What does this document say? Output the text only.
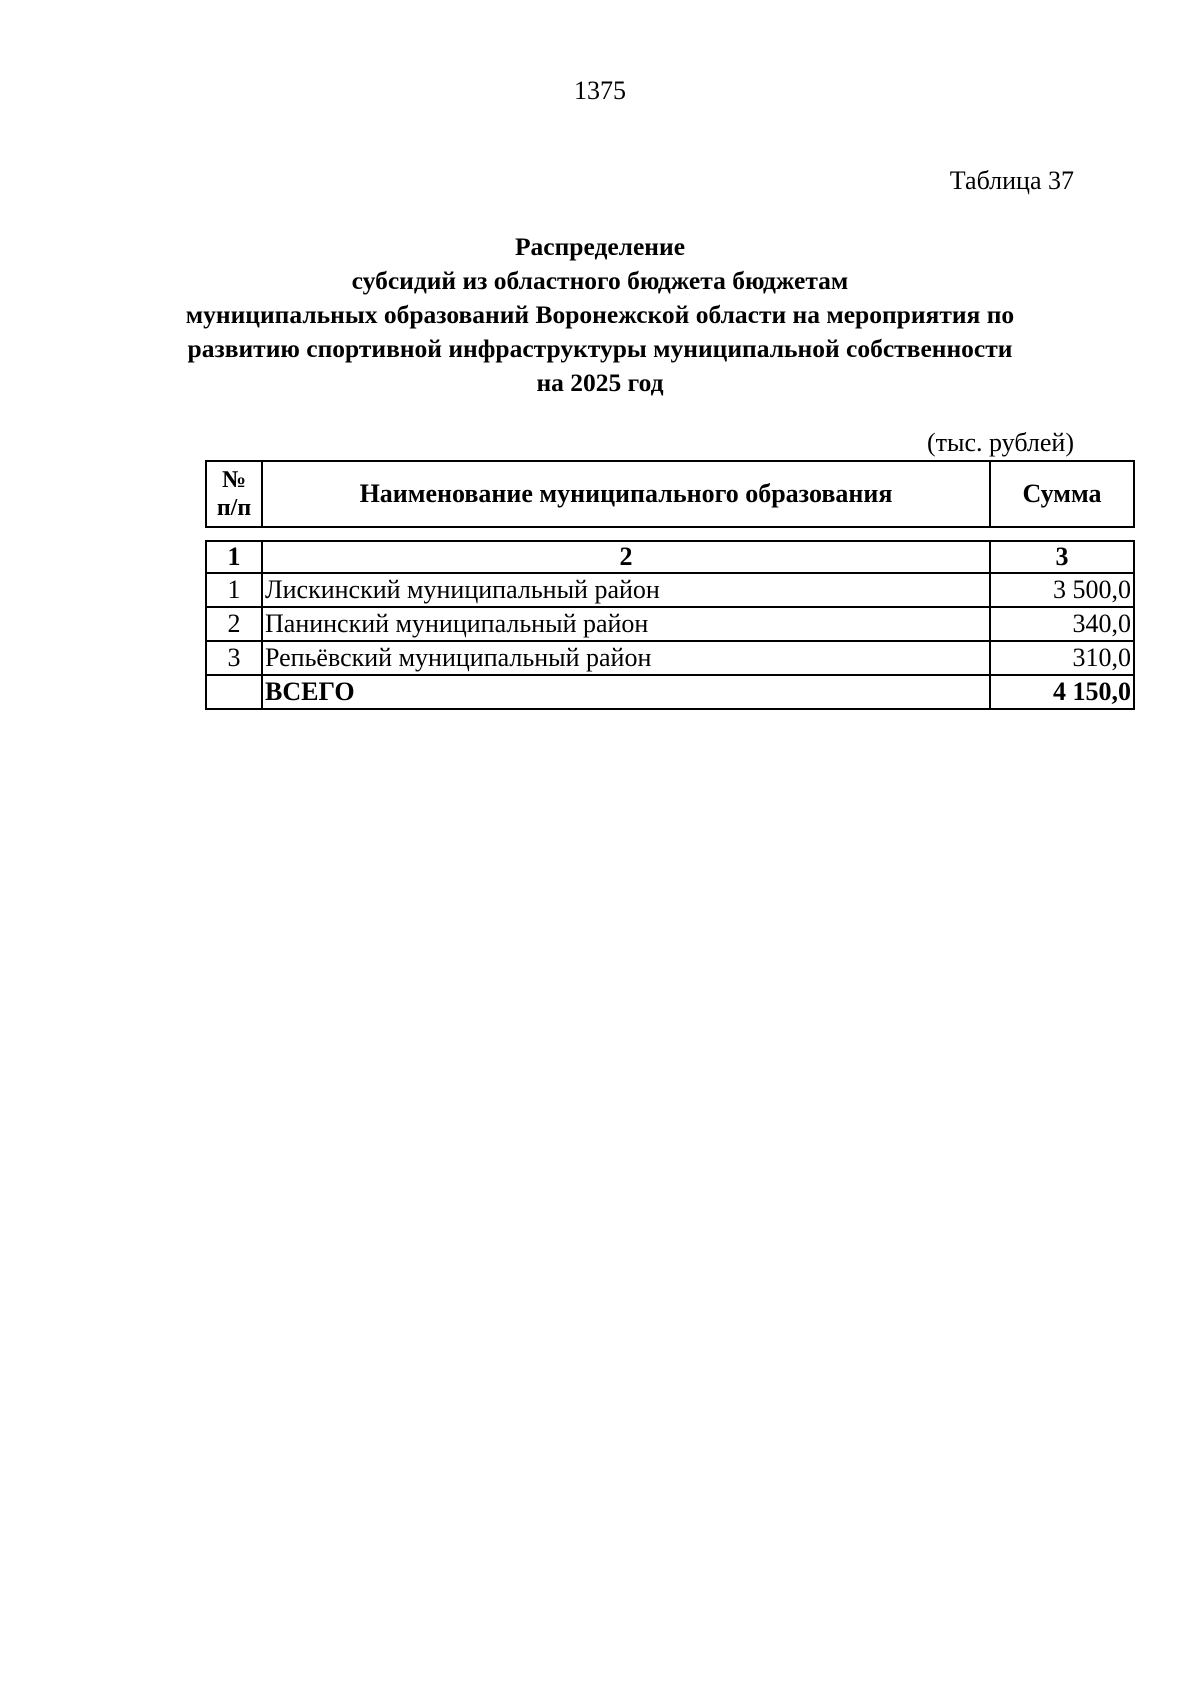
1375
Таблица 37
Распределение
субсидий из областного бюджета бюджетам
муниципальных образований Воронежской области на мероприятия по
развитию спортивной инфраструктуры муниципальной собственности
на 2025 год
(тыс. рублей)
№
п/п	Наименование муниципального образования	Сумма
1	2	3
1	Лискинский муниципальный район	3 500,0
2	Панинский муниципальный район	340,0
3	Репьёвский муниципальный район	310,0
	ВСЕГО	4 150,0
